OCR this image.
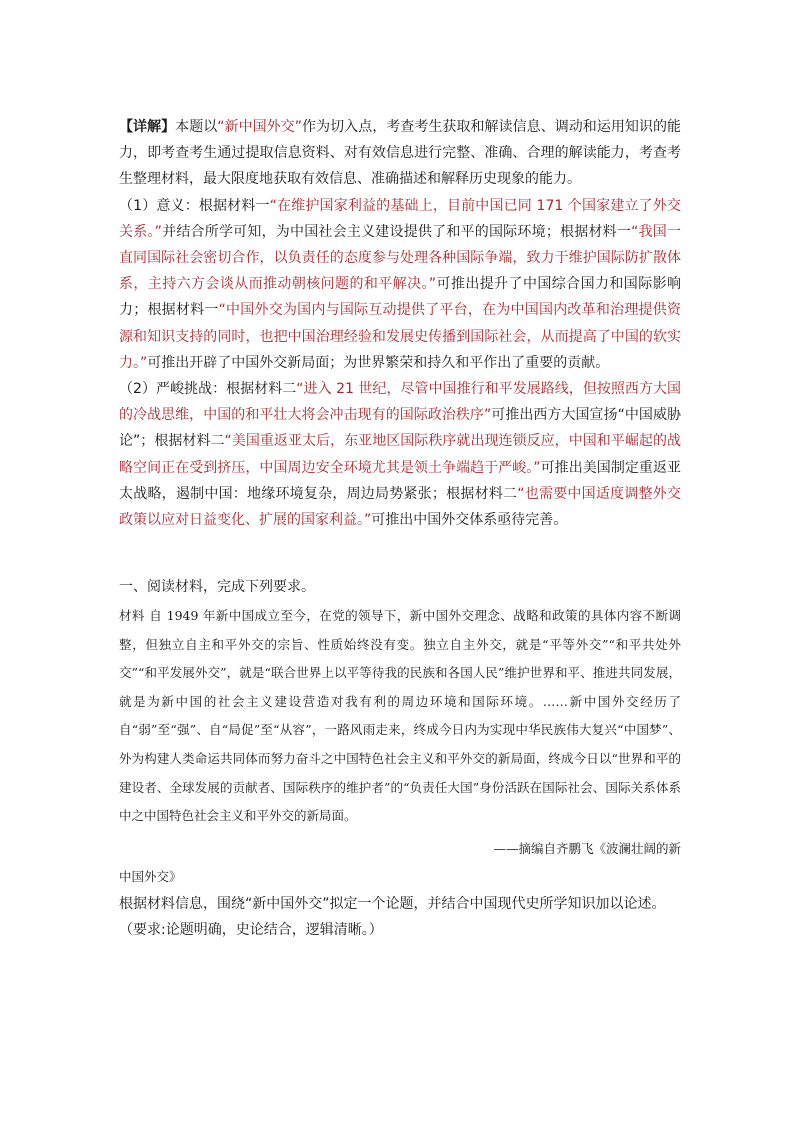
【详解】本题以“新中国外交”作为切入点，考查考生获取和解读信息、调动和运用知识的能力，即考查考生通过提取信息资料、对有效信息进行完整、准确、合理的解读能力，考查考生整理材料，最大限度地获取有效信息、准确描述和解释历史现象的能力。

（1）意义：根据材料一“在维护国家利益的基础上，目前中国已同 171 个国家建立了外交关系。”并结合所学可知，为中国社会主义建设提供了和平的国际环境；根据材料一“我国一直同国际社会密切合作，以负责任的态度参与处理各种国际争端，致力于维护国际防扩散体系，主持六方会谈从而推动朝核问题的和平解决。”可推出提升了中国综合国力和国际影响力；根据材料一“中国外交为国内与国际互动提供了平台，在为中国国内改革和治理提供资源和知识支持的同时，也把中国治理经验和发展史传播到国际社会，从而提高了中国的软实力。”可推出开辟了中国外交新局面；为世界繁荣和持久和平作出了重要的贡献。

（2）严峻挑战：根据材料二“进入 21 世纪，尽管中国推行和平发展路线，但按照西方大国的冷战思维，中国的和平壮大将会冲击现有的国际政治秩序”可推出西方大国宣扬“中国威胁论”；根据材料二“美国重返亚太后，东亚地区国际秩序就出现连锁反应，中国和平崛起的战略空间正在受到挤压，中国周边安全环境尤其是领土争端趋于严峻。”可推出美国制定重返亚太战略，遏制中国：地缘环境复杂，周边局势紧张；根据材料二“也需要中国适度调整外交政策以应对日益变化、扩展的国家利益。”可推出中国外交体系亟待完善。

一、阅读材料，完成下列要求。

材料 自 1949 年新中国成立至今，在党的领导下，新中国外交理念、战略和政策的具体内容不断调整，但独立自主和平外交的宗旨、性质始终没有变。独立自主外交，就是“平等外交”“和平共处外交”“和平发展外交”，就是“联合世界上以平等待我的民族和各国人民”维护世界和平、推进共同发展，就是为新中国的社会主义建设营造对我有利的周边环境和国际环境。……新中国外交经历了自“弱”至“强”、自“局促”至“从容”，一路风雨走来，终成今日内为实现中华民族伟大复兴“中国梦”、外为构建人类命运共同体而努力奋斗之中国特色社会主义和平外交的新局面，终成今日以“世界和平的建设者、全球发展的贡献者、国际秩序的维护者”的“负责任大国”身份活跃在国际社会、国际关系体系中之中国特色社会主义和平外交的新局面。

——摘编自齐鹏飞《波澜壮阔的新

中国外交》

根据材料信息，围绕“新中国外交”拟定一个论题，并结合中国现代史所学知识加以论述。

（要求:论题明确，史论结合，逻辑清晰。）
